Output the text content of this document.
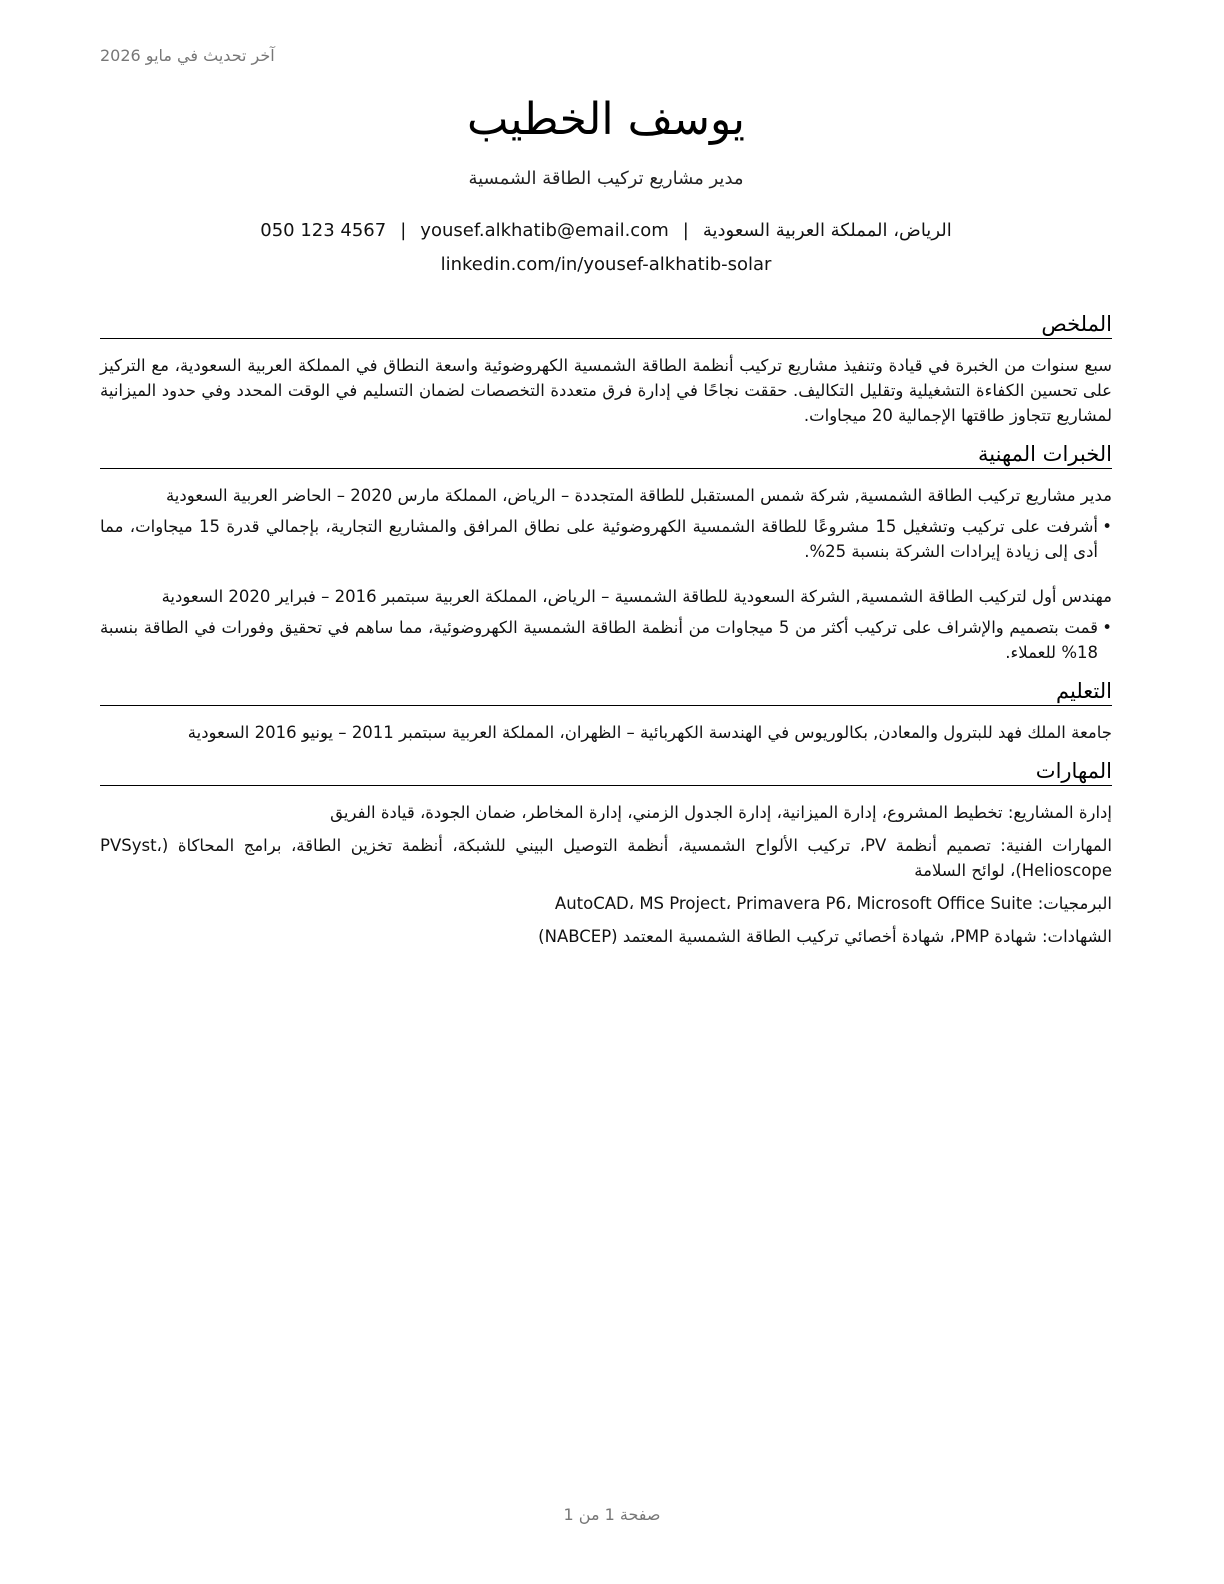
آخر تحديث في مايو 2026
يوسف الخطيب
مدير مشاريع تركيب الطاقة الشمسية
الرياض، المملكة العربية السعودية|yousef.alkhatib@email.com|050 123 4567
linkedin.com/in/yousef-alkhatib-solar
الملخص

سبع سنوات من الخبرة في قيادة وتنفيذ مشاريع تركيب أنظمة الطاقة الشمسية الكهروضوئية واسعة النطاق في المملكة العربية السعودية، مع التركيز على تحسين الكفاءة التشغيلية وتقليل التكاليف. حققت نجاحًا في إدارة فرق متعددة التخصصات لضمان التسليم في الوقت المحدد وفي حدود الميزانية لمشاريع تتجاوز طاقتها الإجمالية 20 ميجاوات.

الخبرات المهنية

مدير مشاريع تركيب الطاقة الشمسية, شركة شمس المستقبل للطاقة المتجددة – الرياض، المملكة مارس 2020 – الحاضر العربية السعودية

•
أشرفت على تركيب وتشغيل 15 مشروعًا للطاقة الشمسية الكهروضوئية على نطاق المرافق والمشاريع التجارية، بإجمالي قدرة 15 ميجاوات، مما أدى إلى زيادة إيرادات الشركة بنسبة 25%.

مهندس أول لتركيب الطاقة الشمسية, الشركة السعودية للطاقة الشمسية – الرياض، المملكة العربية سبتمبر 2016 – فبراير 2020 السعودية

•
قمت بتصميم والإشراف على تركيب أكثر من 5 ميجاوات من أنظمة الطاقة الشمسية الكهروضوئية، مما ساهم في تحقيق وفورات في الطاقة بنسبة 18% للعملاء.

التعليم

جامعة الملك فهد للبترول والمعادن, بكالوريوس في الهندسة الكهربائية – الظهران، المملكة العربية سبتمبر 2011 – يونيو 2016 السعودية

المهارات

إدارة المشاريع: تخطيط المشروع، إدارة الميزانية، إدارة الجدول الزمني، إدارة المخاطر، ضمان الجودة، قيادة الفريق

المهارات الفنية: تصميم أنظمة PV، تركيب الألواح الشمسية، أنظمة التوصيل البيني للشبكة، أنظمة تخزين الطاقة، برامج المحاكاة (PVSyst، Helioscope)، لوائح السلامة

البرمجيات: AutoCAD، MS Project، Primavera P6، Microsoft Office Suite

الشهادات: شهادة PMP، شهادة أخصائي تركيب الطاقة الشمسية المعتمد (NABCEP)

صفحة 1 من 1
